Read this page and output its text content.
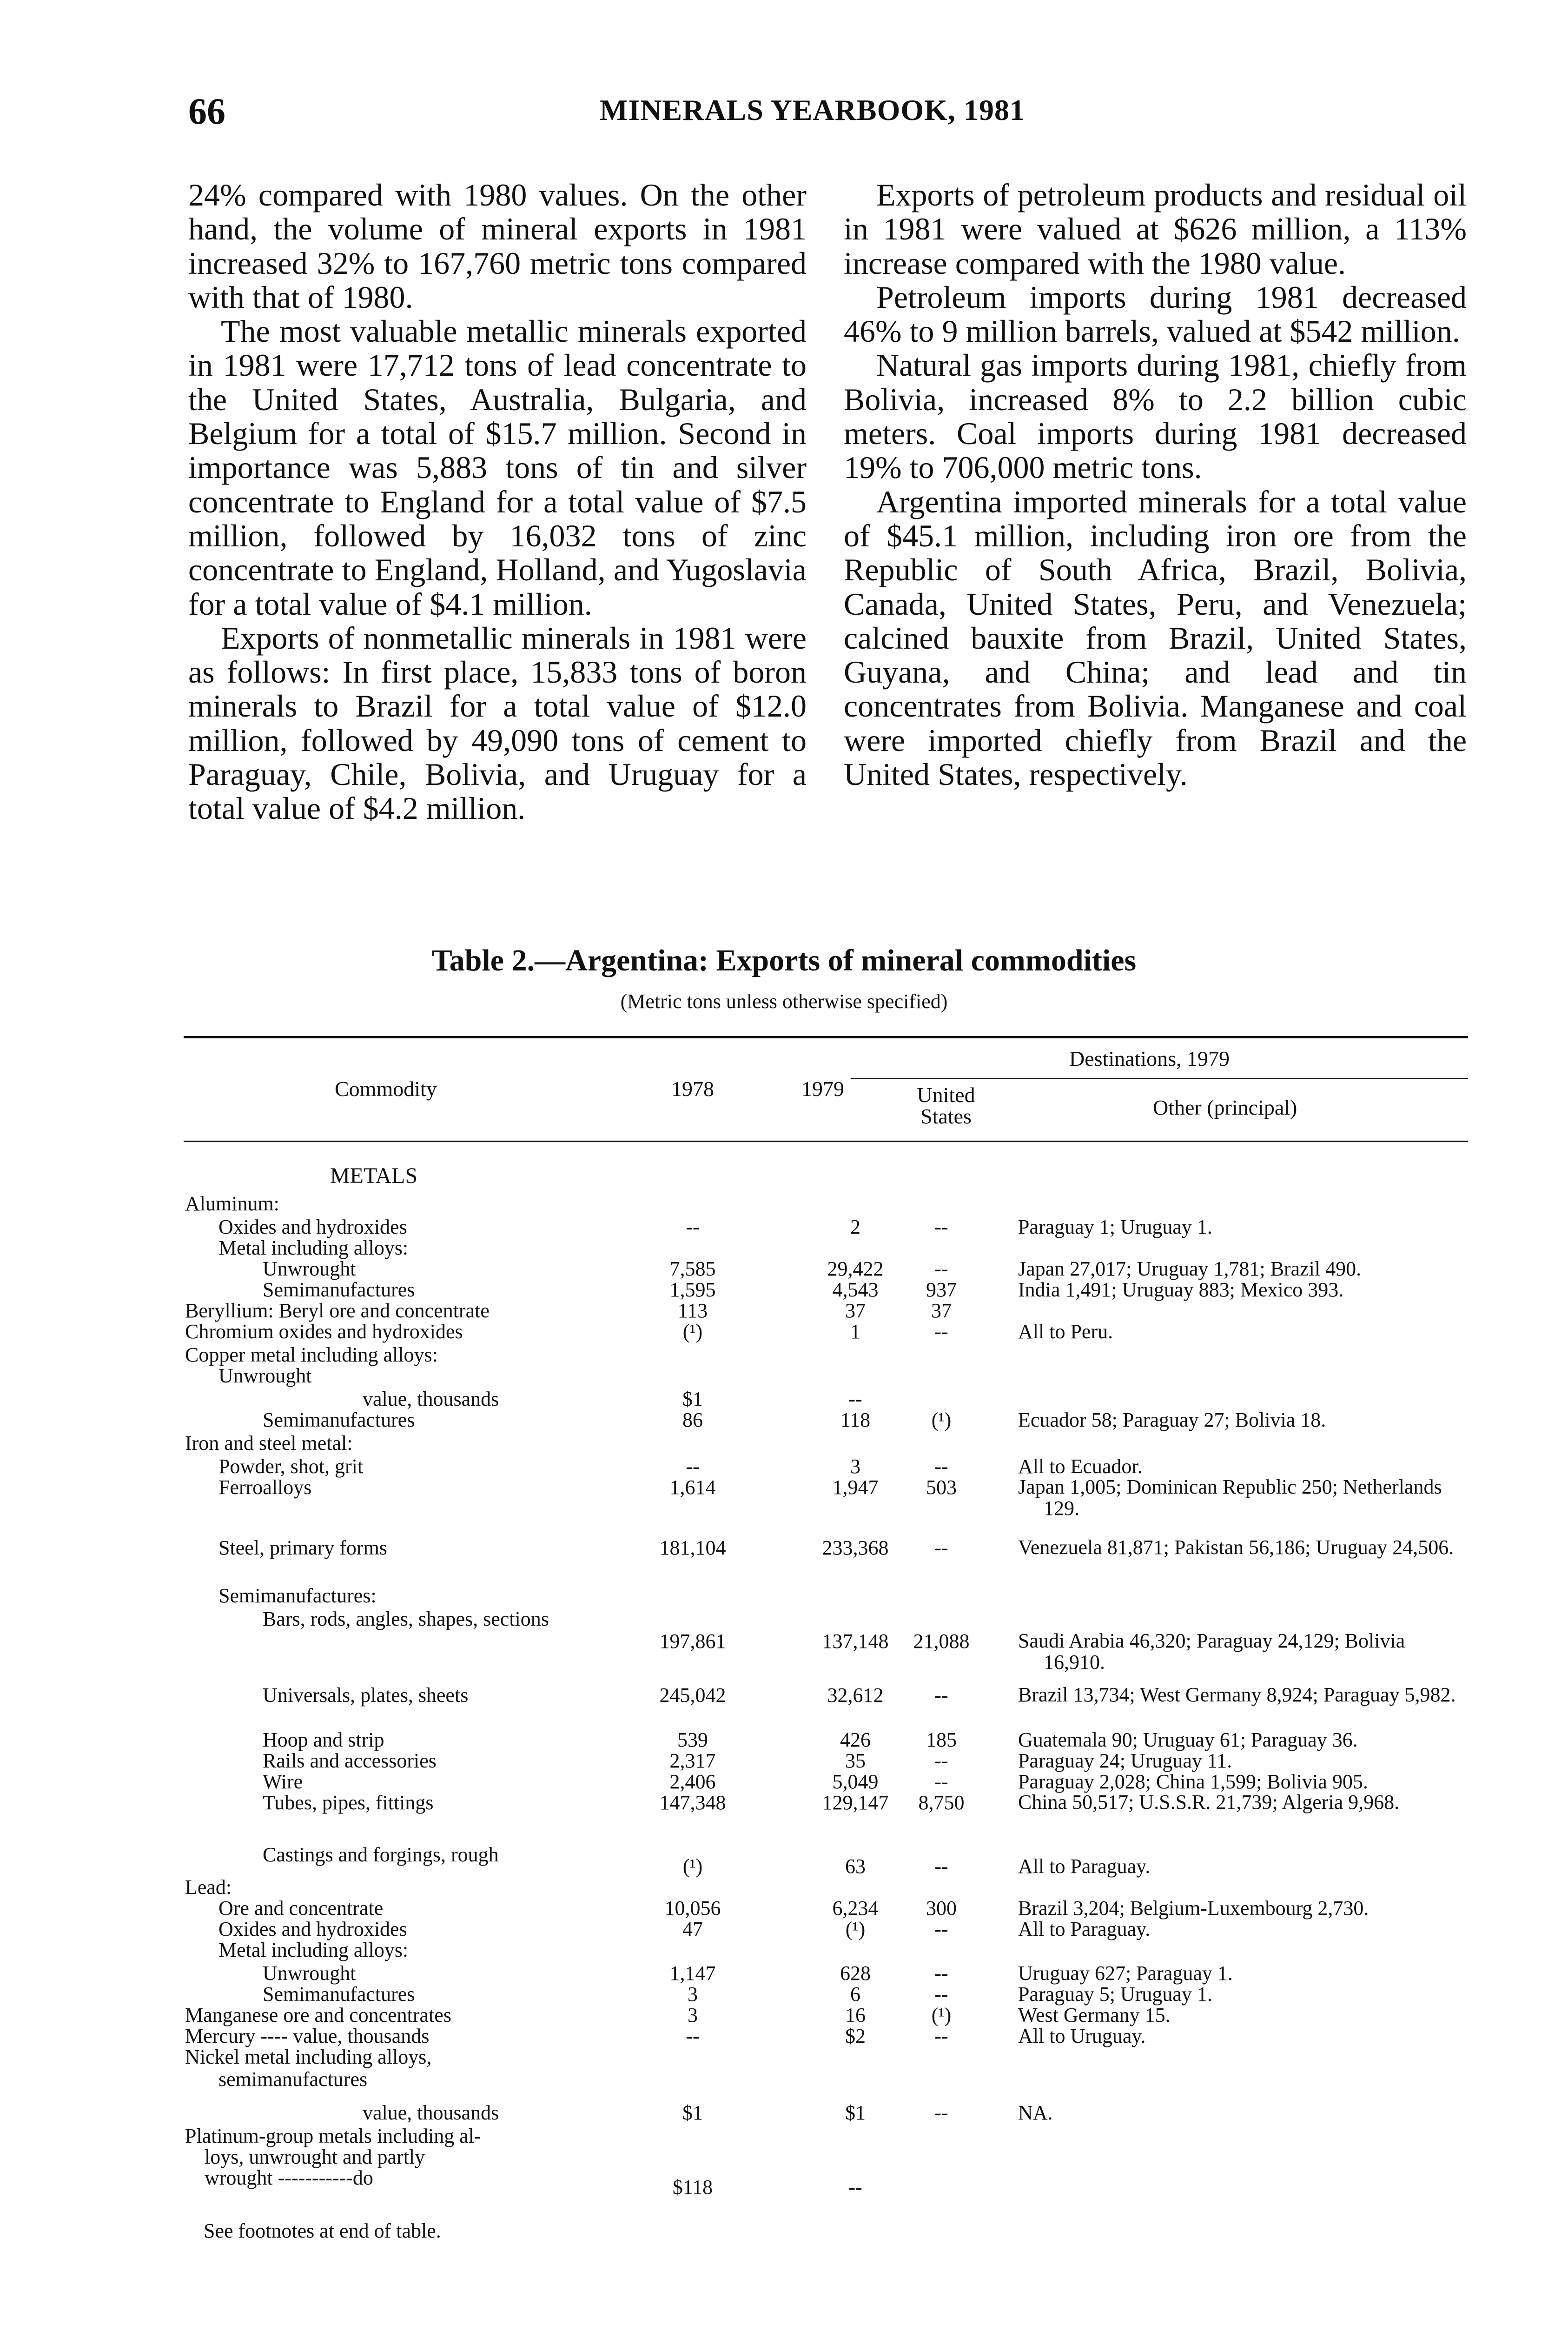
66	MINERALS YEARBOOK, 1981

24% compared with 1980 values. On the other hand, the volume of mineral exports in 1981 increased 32% to 167,760 metric tons compared with that of 1980.

The most valuable metallic minerals exported in 1981 were 17,712 tons of lead concentrate to the United States, Australia, Bulgaria, and Belgium for a total of $15.7 million. Second in importance was 5,883 tons of tin and silver concentrate to England for a total value of $7.5 million, followed by 16,032 tons of zinc concentrate to England, Holland, and Yugoslavia for a total value of $4.1 million.

Exports of nonmetallic minerals in 1981 were as follows: In first place, 15,833 tons of boron minerals to Brazil for a total value of $12.0 million, followed by 49,090 tons of cement to Paraguay, Chile, Bolivia, and Uruguay for a total value of $4.2 million.

Exports of petroleum products and residual oil in 1981 were valued at $626 million, a 113% increase compared with the 1980 value.

Petroleum imports during 1981 decreased 46% to 9 million barrels, valued at $542 million.

Natural gas imports during 1981, chiefly from Bolivia, increased 8% to 2.2 billion cubic meters. Coal imports during 1981 decreased 19% to 706,000 metric tons.

Argentina imported minerals for a total value of $45.1 million, including iron ore from the Republic of South Africa, Brazil, Bolivia, Canada, United States, Peru, and Venezuela; calcined bauxite from Brazil, United States, Guyana, and China; and lead and tin concentrates from Bolivia. Manganese and coal were imported chiefly from Brazil and the United States, respectively.

Table 2.—Argentina: Exports of mineral commodities
(Metric tons unless otherwise specified)
Commodity	1978	1979
Destinations, 1979
United States	Other (principal)
METALS
Aluminum:
Oxides and hydroxides	--	2	--	Paraguay 1; Uruguay 1.
Metal including alloys:
Unwrought	7,585	29,422	--	Japan 27,017; Uruguay 1,781; Brazil 490.
Semimanufactures	1,595	4,543	937	India 1,491; Uruguay 883; Mexico 393.
Beryllium: Beryl ore and concentrate	113	37	37
Chromium oxides and hydroxides	(¹)	1	--	All to Peru.
Copper metal including alloys:
Unwrought
value, thousands	$1	--
Semimanufactures	86	118	(¹)	Ecuador 58; Paraguay 27; Bolivia 18.
Iron and steel metal:
Powder, shot, grit	--	3	--	All to Ecuador.
Ferroalloys	1,614	1,947	503	Japan 1,005; Dominican Republic 250; Netherlands 129.
Steel, primary forms	181,104	233,368	--	Venezuela 81,871; Pakistan 56,186; Uruguay 24,506.
Semimanufactures:
Bars, rods, angles, shapes, sections
197,861	137,148	21,088	Saudi Arabia 46,320; Paraguay 24,129; Bolivia 16,910.
Universals, plates, sheets	245,042	32,612	--	Brazil 13,734; West Germany 8,924; Paraguay 5,982.
Hoop and strip	539	426	185	Guatemala 90; Uruguay 61; Paraguay 36.
Rails and accessories	2,317	35	--	Paraguay 24; Uruguay 11.
Wire	2,406	5,049	--	Paraguay 2,028; China 1,599; Bolivia 905.
Tubes, pipes, fittings	147,348	129,147	8,750	China 50,517; U.S.S.R. 21,739; Algeria 9,968.
Castings and forgings, rough
(¹)	63	--	All to Paraguay.
Lead:
Ore and concentrate	10,056	6,234	300	Brazil 3,204; Belgium-Luxembourg 2,730.
Oxides and hydroxides	47	(¹)	--	All to Paraguay.
Metal including alloys:
Unwrought	1,147	628	--	Uruguay 627; Paraguay 1.
Semimanufactures	3	6	--	Paraguay 5; Uruguay 1.
Manganese ore and concentrates	3	16	(¹)	West Germany 15.
Mercury ---- value, thousands	--	$2	--	All to Uruguay.
Nickel metal including alloys,
semimanufactures
value, thousands	$1	$1	--	NA.
Platinum-group metals including al-
loys, unwrought and partly
wrought -----------do	$118	--
See footnotes at end of table.
